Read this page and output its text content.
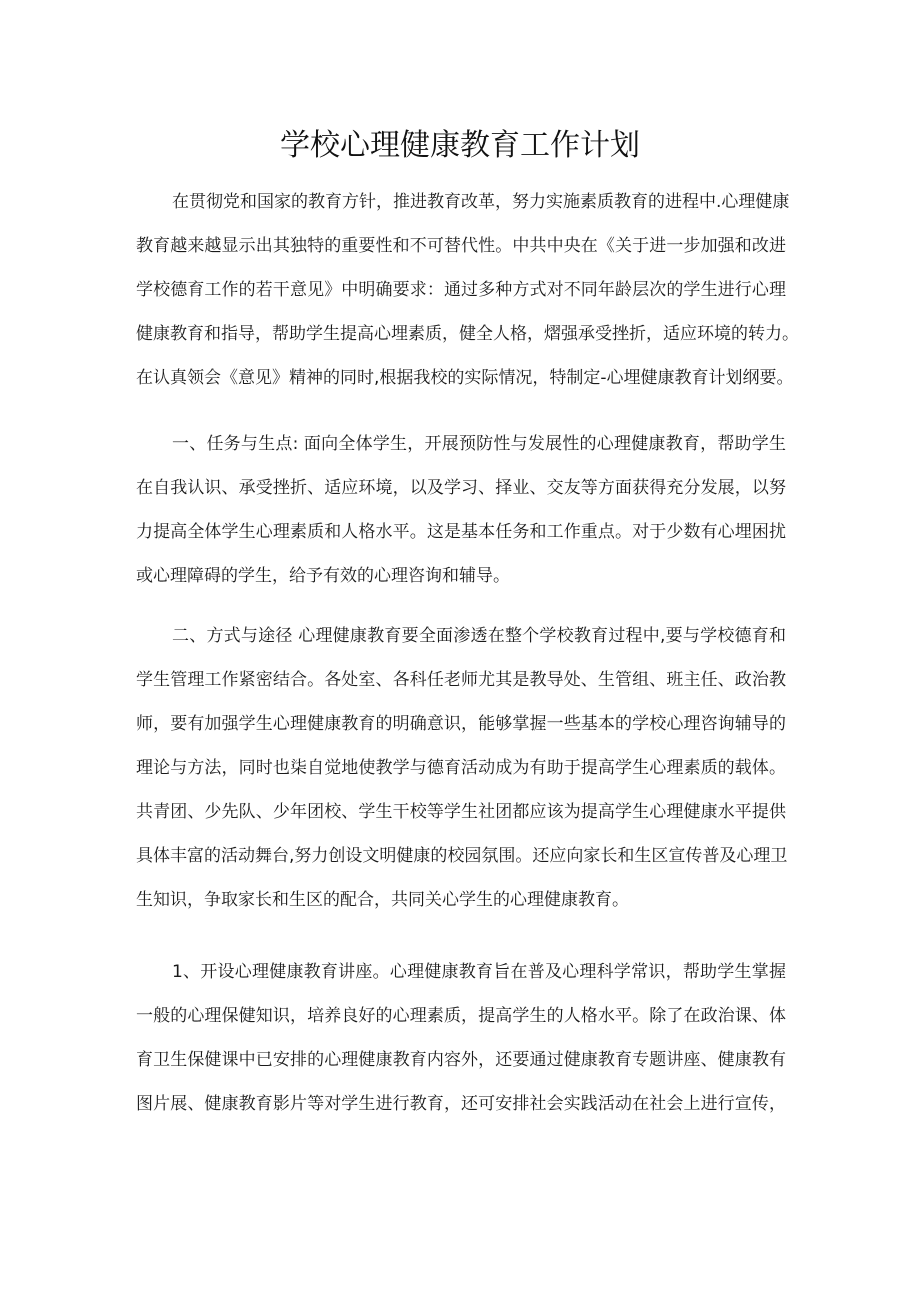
学校心理健康教育工作计划
在贯彻党和国家的教育方针，推进教育改革，努力实施素质教育的进程中.心理健康
教育越来越显示出其独特的重要性和不可替代性。中共中央在《关于进一步加强和改进
学校德育工作的若干意见》中明确要求：通过多种方式对不同年龄层次的学生进行心理
健康教育和指导，帮助学生提高心埋素质，健全人格，熠强承受挫折，适应环境的转力。
在认真领会《意见》精神的同时,根据我校的实际情况，特制定-心埋健康教育计划纲要。
一、任务与生点: 面向全体学生，开展预防性与发展性的心理健康教育，帮助学生
在自我认识、承受挫折、适应环境，以及学习、择业、交友等方面获得充分发展，以努
力提高全体学生心理素质和人格水平。这是基本任务和工作重点。对于少数有心埋困扰
或心理障碍的学生，给予有效的心理咨询和辅导。
二、方式与途径 心理健康教育要全面渗透在整个学校教育过程中,要与学校德育和
学生管理工作紧密结合。各处室、各科任老师尤其是教导处、生管组、班主任、政治教
师，要有加强学生心理健康教育的明确意识，能够掌握一些基本的学校心理咨询辅导的
理论与方法，同时也柒自觉地使教学与德育活动成为有助于提高学生心理素质的载体。
共青团、少先队、少年团校、学生干校等学生社团都应该为提高学生心理健康水平提供
具体丰富的活动舞台,努力创设文明健康的校园氛围。还应向家长和生区宣传普及心理卫
生知识，争取家长和生区的配合，共同关心学生的心理健康教育。
1、开设心理健康教育讲座。心理健康教育旨在普及心理科学常识，帮助学生掌握
一般的心理保健知识，培养良好的心理素质，提高学生的人格水平。除了在政治课、体
育卫生保健课中已安排的心理健康教育内容外，还要通过健康教育专题讲座、健康教有
图片展、健康教育影片等对学生进行教育，还可安排社会实践活动在社会上进行宣传，
